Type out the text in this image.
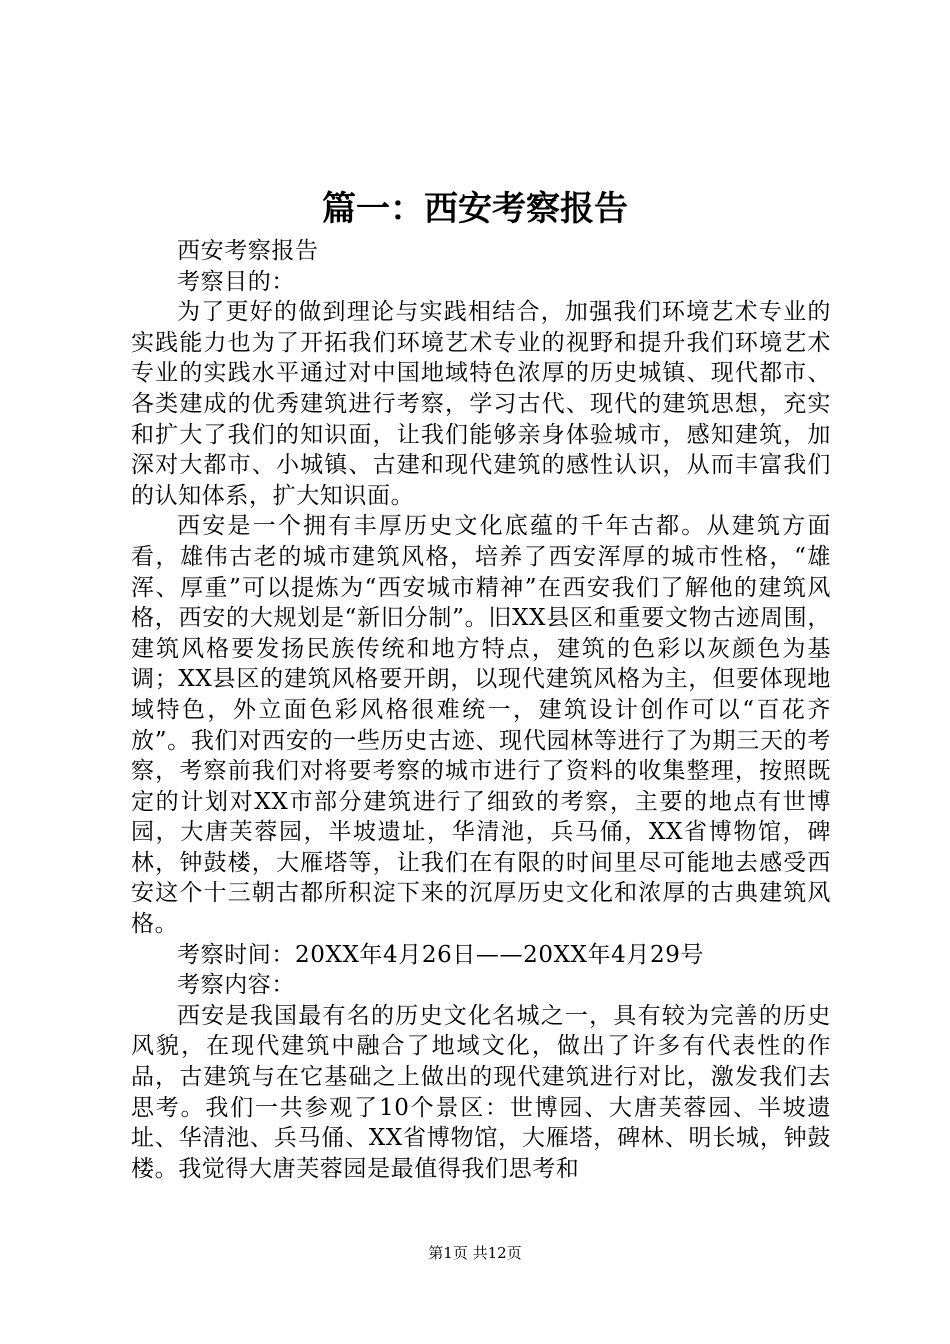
篇一：西安考察报告

西安考察报告

考察目的：

为了更好的做到理论与实践相结合，加强我们环境艺术专业的实践能力也为了开拓我们环境艺术专业的视野和提升我们环境艺术专业的实践水平通过对中国地域特色浓厚的历史城镇、现代都市、各类建成的优秀建筑进行考察，学习古代、现代的建筑思想，充实和扩大了我们的知识面，让我们能够亲身体验城市，感知建筑，加深对大都市、小城镇、古建和现代建筑的感性认识，从而丰富我们的认知体系，扩大知识面。

西安是一个拥有丰厚历史文化底蕴的千年古都。从建筑方面看，雄伟古老的城市建筑风格，培养了西安浑厚的城市性格，“雄浑、厚重”可以提炼为“西安城市精神”在西安我们了解他的建筑风格，西安的大规划是“新旧分制”。旧XX县区和重要文物古迹周围，建筑风格要发扬民族传统和地方特点，建筑的色彩以灰颜色为基调；XX县区的建筑风格要开朗，以现代建筑风格为主，但要体现地域特色，外立面色彩风格很难统一，建筑设计创作可以“百花齐放”。我们对西安的一些历史古迹、现代园林等进行了为期三天的考察，考察前我们对将要考察的城市进行了资料的收集整理，按照既定的计划对XX市部分建筑进行了细致的考察，主要的地点有世博园，大唐芙蓉园，半坡遗址，华清池，兵马俑，XX省博物馆，碑林，钟鼓楼，大雁塔等，让我们在有限的时间里尽可能地去感受西安这个十三朝古都所积淀下来的沉厚历史文化和浓厚的古典建筑风格。

考察时间：20XX年4月26日——20XX年4月29号

考察内容：

西安是我国最有名的历史文化名城之一，具有较为完善的历史风貌，在现代建筑中融合了地域文化，做出了许多有代表性的作品，古建筑与在它基础之上做出的现代建筑进行对比，激发我们去思考。我们一共参观了10个景区：世博园、大唐芙蓉园、半坡遗址、华清池、兵马俑、XX省博物馆，大雁塔，碑林、明长城，钟鼓楼。我觉得大唐芙蓉园是最值得我们思考和

第1页 共12页
